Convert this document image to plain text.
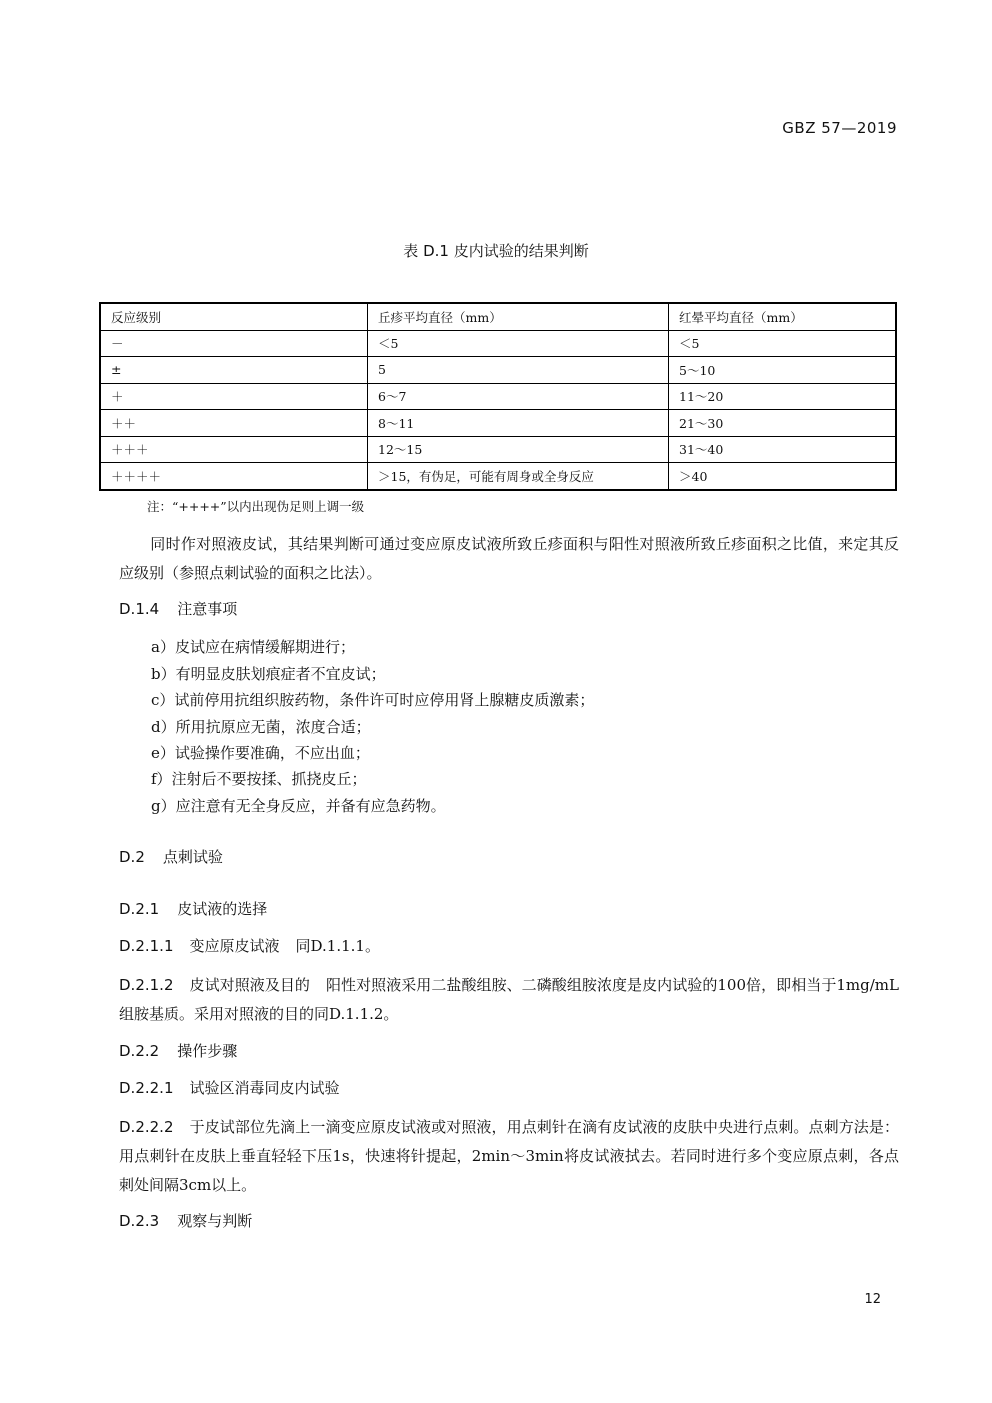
GBZ 57—2019
表 D.1 皮内试验的结果判断
反应级别	丘疹平均直径（mm）	红晕平均直径（mm）
－	＜5	＜5
±	5	5～10
＋	6～7	11～20
＋＋	8～11	21～30
＋＋＋	12～15	31～40
＋＋＋＋	＞15，有伪足，可能有周身或全身反应	＞40
注：“++++”以内出现伪足则上调一级
同时作对照液皮试，其结果判断可通过变应原皮试液所致丘疹面积与阳性对照液所致丘疹面积之比值，来定其反应级别（参照点刺试验的面积之比法）。
D.1.4 注意事项
a）皮试应在病情缓解期进行；
b）有明显皮肤划痕症者不宜皮试；
c）试前停用抗组织胺药物，条件许可时应停用肾上腺糖皮质激素；
d）所用抗原应无菌，浓度合适；
e）试验操作要准确，不应出血；
f）注射后不要按揉、抓挠皮丘；
g）应注意有无全身反应，并备有应急药物。
D.2 点刺试验
D.2.1 皮试液的选择
D.2.1.1 变应原皮试液 同D.1.1.1。
D.2.1.2 皮试对照液及目的 阳性对照液采用二盐酸组胺、二磷酸组胺浓度是皮内试验的100倍，即相当于1mg/mL组胺基质。采用对照液的目的同D.1.1.2。
D.2.2 操作步骤
D.2.2.1 试验区消毒同皮内试验
D.2.2.2 于皮试部位先滴上一滴变应原皮试液或对照液，用点刺针在滴有皮试液的皮肤中央进行点刺。点刺方法是：用点刺针在皮肤上垂直轻轻下压1s，快速将针提起，2min～3min将皮试液拭去。若同时进行多个变应原点刺，各点刺处间隔3cm以上。
D.2.3 观察与判断
12
